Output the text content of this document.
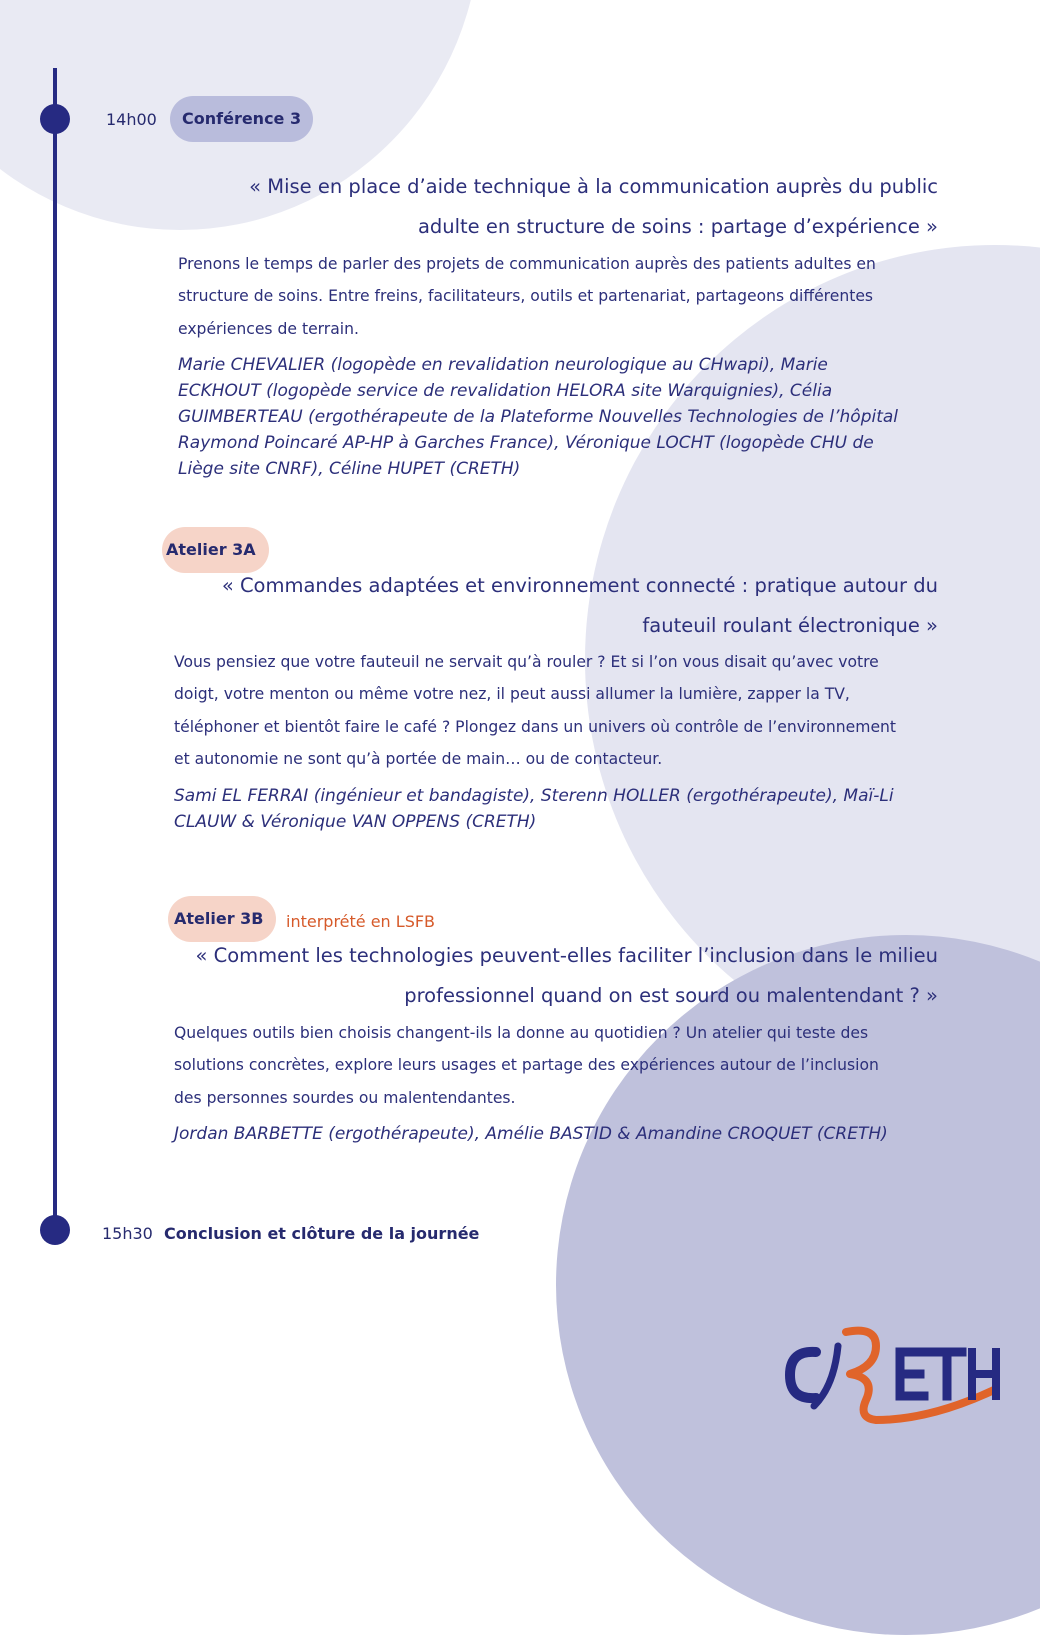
14h00	Conférence 3
« Mise en place d’aide technique à la communication auprès du public
adulte en structure de soins : partage d’expérience »
Prenons le temps de parler des projets de communication auprès des patients adultes en
structure de soins. Entre freins, facilitateurs, outils et partenariat, partageons différentes
expériences de terrain.
Marie CHEVALIER (logopède en revalidation neurologique au CHwapi), Marie
ECKHOUT (logopède service de revalidation HELORA site Warquignies), Célia
GUIMBERTEAU (ergothérapeute de la Plateforme Nouvelles Technologies de l’hôpital
Raymond Poincaré AP-HP à Garches France), Véronique LOCHT (logopède CHU de
Liège site CNRF), Céline HUPET (CRETH)
Atelier 3A
« Commandes adaptées et environnement connecté : pratique autour du
fauteuil roulant électronique »
Vous pensiez que votre fauteuil ne servait qu’à rouler ? Et si l’on vous disait qu’avec votre
doigt, votre menton ou même votre nez, il peut aussi allumer la lumière, zapper la TV,
téléphoner et bientôt faire le café ? Plongez dans un univers où contrôle de l’environnement
et autonomie ne sont qu’à portée de main… ou de contacteur.
Sami EL FERRAI (ingénieur et bandagiste), Sterenn HOLLER (ergothérapeute), Maï-Li
CLAUW & Véronique VAN OPPENS (CRETH)
Atelier 3B	interprété en LSFB
« Comment les technologies peuvent-elles faciliter l’inclusion dans le milieu
professionnel quand on est sourd ou malentendant ? »
Quelques outils bien choisis changent-ils la donne au quotidien ? Un atelier qui teste des
solutions concrètes, explore leurs usages et partage des expériences autour de l’inclusion
des personnes sourdes ou malentendantes.
Jordan BARBETTE (ergothérapeute), Amélie BASTID & Amandine CROQUET (CRETH)
15h30 Conclusion et clôture de la journée
